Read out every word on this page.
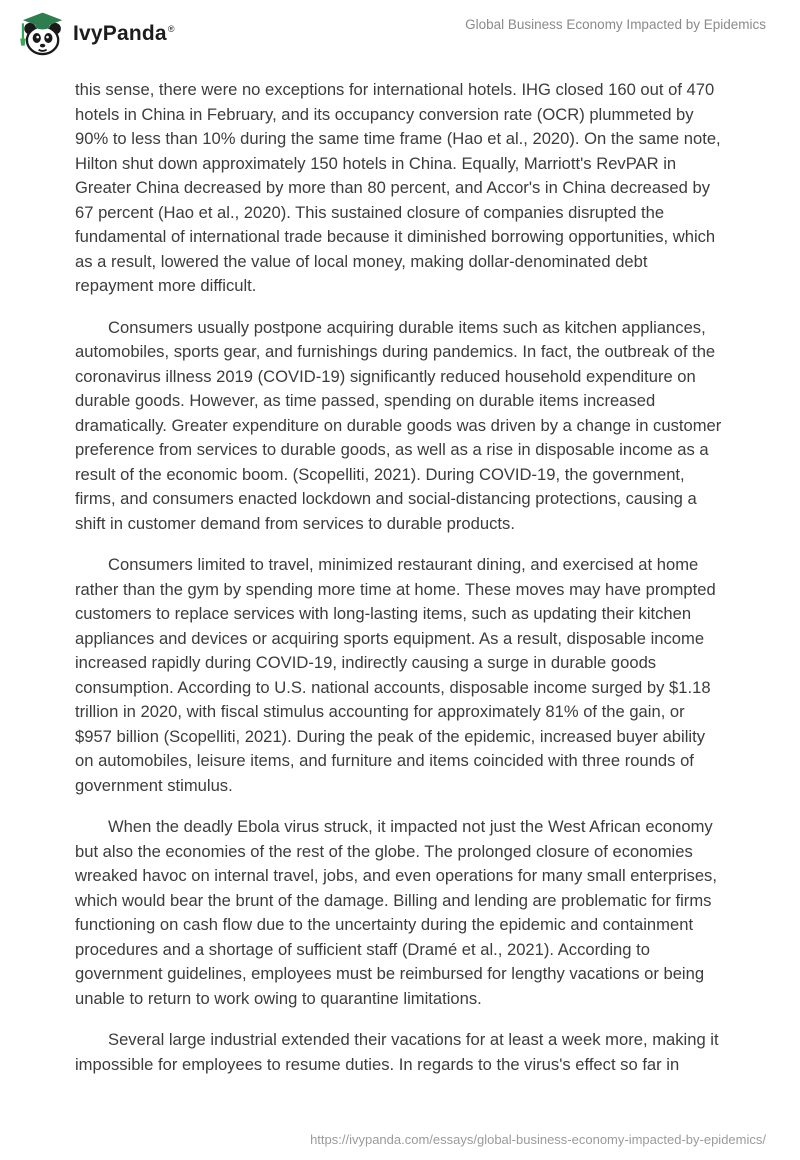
IvyPanda®	Global Business Economy Impacted by Epidemics

this sense, there were no exceptions for international hotels. IHG closed 160 out of 470 hotels in China in February, and its occupancy conversion rate (OCR) plummeted by 90% to less than 10% during the same time frame (Hao et al., 2020). On the same note, Hilton shut down approximately 150 hotels in China. Equally, Marriott's RevPAR in Greater China decreased by more than 80 percent, and Accor's in China decreased by 67 percent (Hao et al., 2020). This sustained closure of companies disrupted the fundamental of international trade because it diminished borrowing opportunities, which as a result, lowered the value of local money, making dollar-denominated debt repayment more difficult.

Consumers usually postpone acquiring durable items such as kitchen appliances, automobiles, sports gear, and furnishings during pandemics. In fact, the outbreak of the coronavirus illness 2019 (COVID-19) significantly reduced household expenditure on durable goods. However, as time passed, spending on durable items increased dramatically. Greater expenditure on durable goods was driven by a change in customer preference from services to durable goods, as well as a rise in disposable income as a result of the economic boom. (Scopelliti, 2021). During COVID-19, the government, firms, and consumers enacted lockdown and social-distancing protections, causing a shift in customer demand from services to durable products.

Consumers limited to travel, minimized restaurant dining, and exercised at home rather than the gym by spending more time at home. These moves may have prompted customers to replace services with long-lasting items, such as updating their kitchen appliances and devices or acquiring sports equipment. As a result, disposable income increased rapidly during COVID-19, indirectly causing a surge in durable goods consumption. According to U.S. national accounts, disposable income surged by $1.18 trillion in 2020, with fiscal stimulus accounting for approximately 81% of the gain, or $957 billion (Scopelliti, 2021). During the peak of the epidemic, increased buyer ability on automobiles, leisure items, and furniture and items coincided with three rounds of government stimulus.

When the deadly Ebola virus struck, it impacted not just the West African economy but also the economies of the rest of the globe. The prolonged closure of economies wreaked havoc on internal travel, jobs, and even operations for many small enterprises, which would bear the brunt of the damage. Billing and lending are problematic for firms functioning on cash flow due to the uncertainty during the epidemic and containment procedures and a shortage of sufficient staff (Dramé et al., 2021). According to government guidelines, employees must be reimbursed for lengthy vacations or being unable to return to work owing to quarantine limitations.

Several large industrial extended their vacations for at least a week more, making it impossible for employees to resume duties. In regards to the virus's effect so far in

https://ivypanda.com/essays/global-business-economy-impacted-by-epidemics/
